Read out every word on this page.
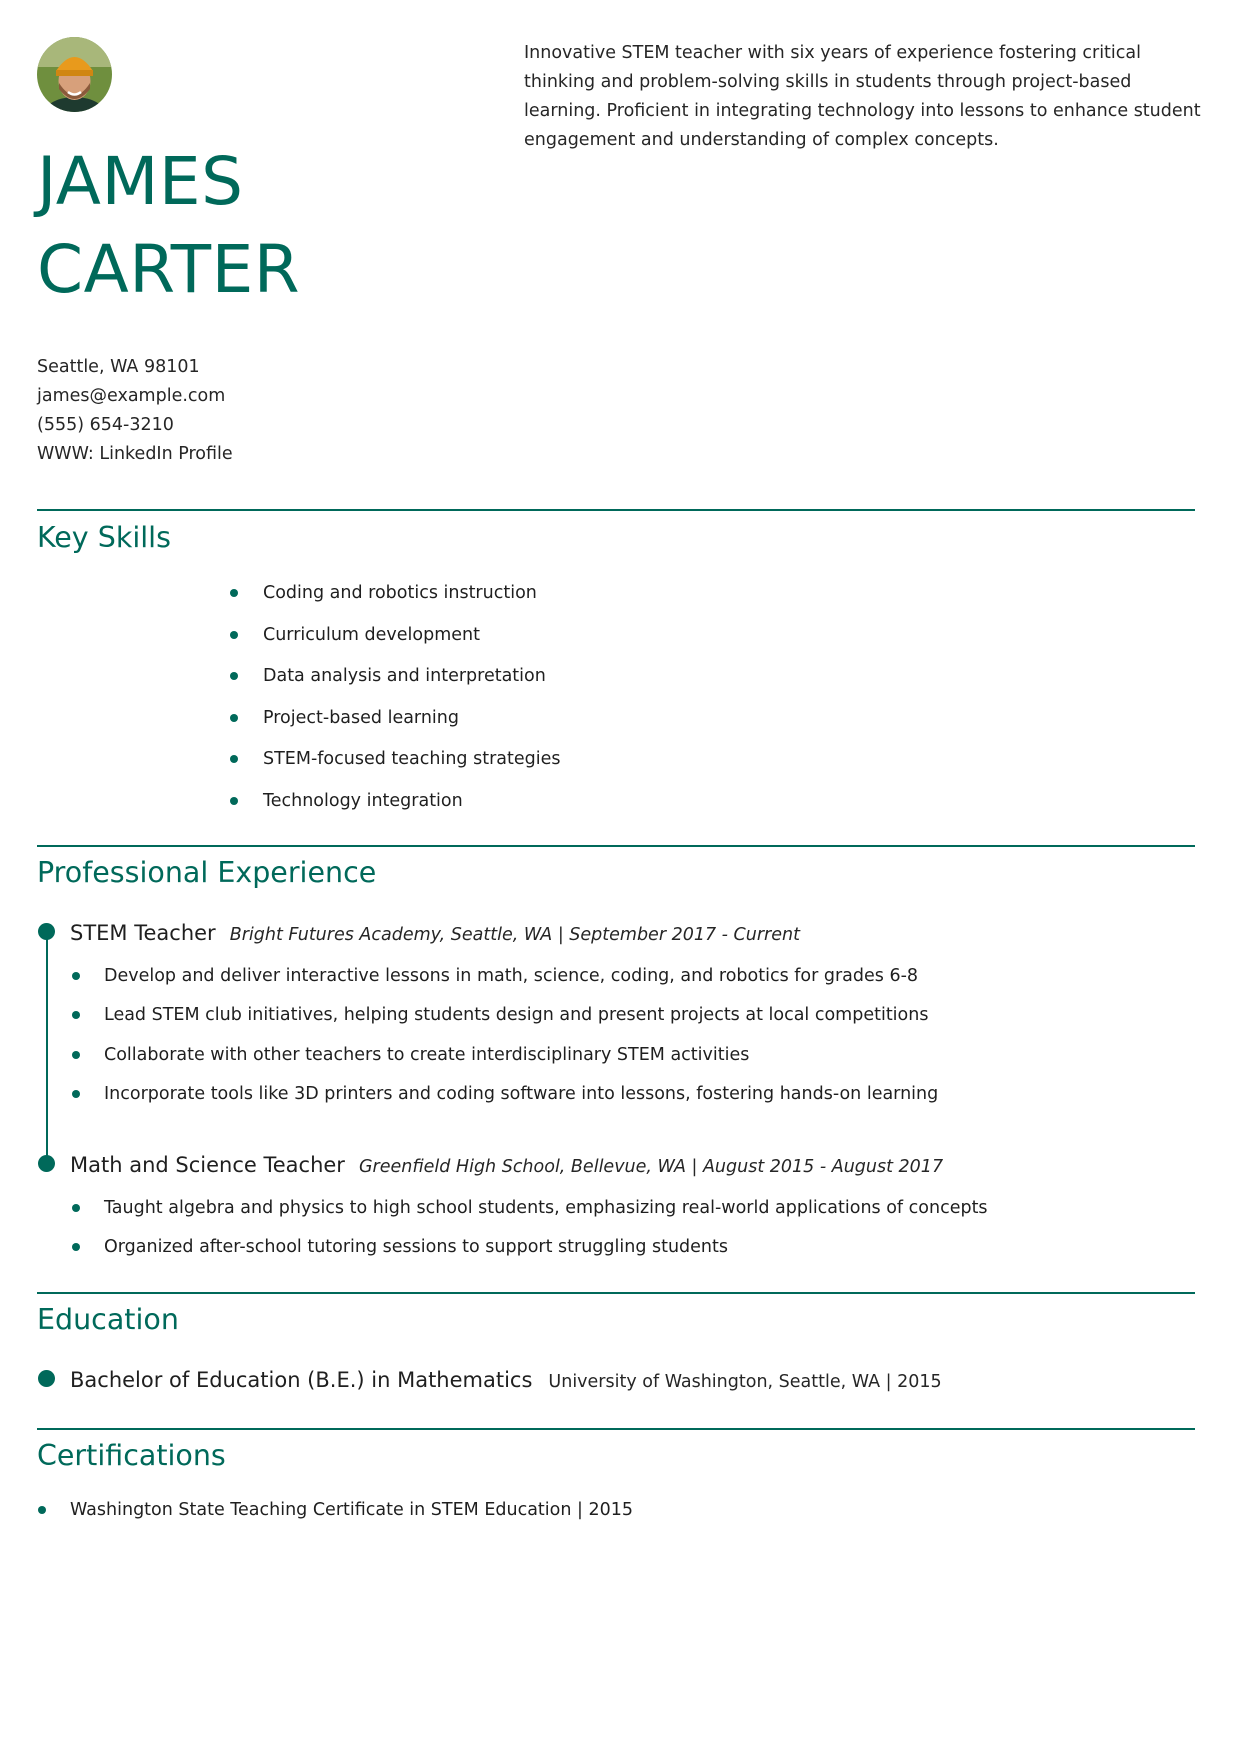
JAMES
CARTER

Innovative STEM teacher with six years of experience fostering critical thinking and problem-solving skills in students through project-based learning. Proficient in integrating technology into lessons to enhance student engagement and understanding of complex concepts.

Seattle, WA 98101
james@example.com
(555) 654-3210
WWW: LinkedIn Profile
Key Skills
Coding and robotics instruction
Curriculum development
Data analysis and interpretation
Project-based learning
STEM-focused teaching strategies
Technology integration
Professional Experience
STEM Teacher Bright Futures Academy, Seattle, WA | September 2017 - Current
Develop and deliver interactive lessons in math, science, coding, and robotics for grades 6-8
Lead STEM club initiatives, helping students design and present projects at local competitions
Collaborate with other teachers to create interdisciplinary STEM activities
Incorporate tools like 3D printers and coding software into lessons, fostering hands-on learning
Math and Science Teacher Greenfield High School, Bellevue, WA | August 2015 - August 2017
Taught algebra and physics to high school students, emphasizing real-world applications of concepts
Organized after-school tutoring sessions to support struggling students
Education
Bachelor of Education (B.E.) in Mathematics University of Washington, Seattle, WA | 2015
Certifications
Washington State Teaching Certificate in STEM Education | 2015
